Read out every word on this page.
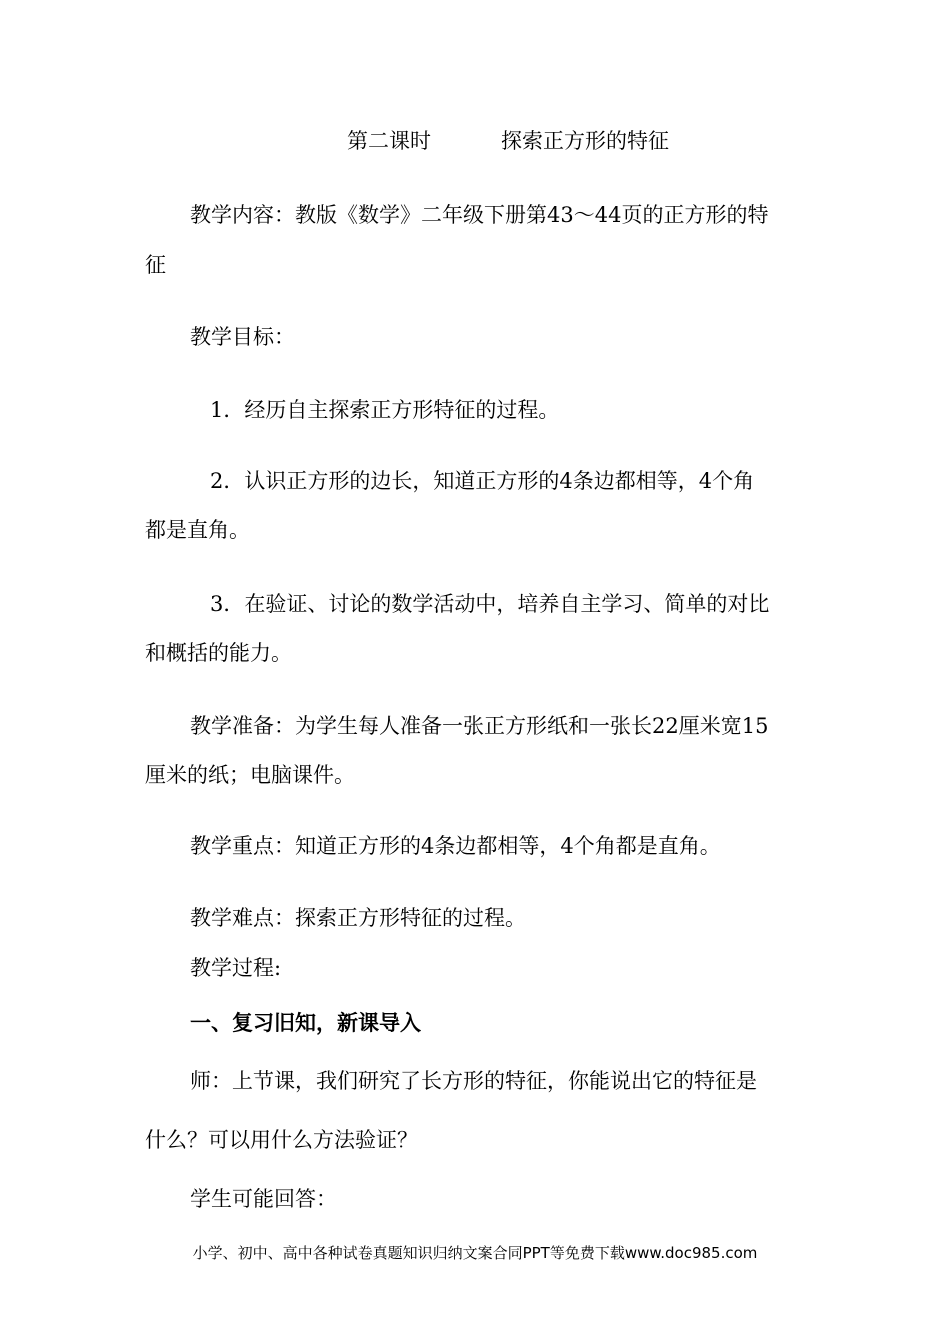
第二课时	探索正方形的特征
教学内容：教版《数学》二年级下册第43～44页的正方形的特
征
教学目标：
1．经历自主探索正方形特征的过程。
2．认识正方形的边长，知道正方形的4条边都相等，4个角
都是直角。
3．在验证、讨论的数学活动中，培养自主学习、简单的对比
和概括的能力。
教学准备：为学生每人准备一张正方形纸和一张长22厘米宽15
厘米的纸；电脑课件。
教学重点：知道正方形的4条边都相等，4个角都是直角。
教学难点：探索正方形特征的过程。
教学过程:
一、复习旧知，新课导入
师：上节课，我们研究了长方形的特征，你能说出它的特征是
什么？可以用什么方法验证？
学生可能回答：
小学、初中、高中各种试卷真题知识归纳文案合同PPT等免费下载www.doc985.com
